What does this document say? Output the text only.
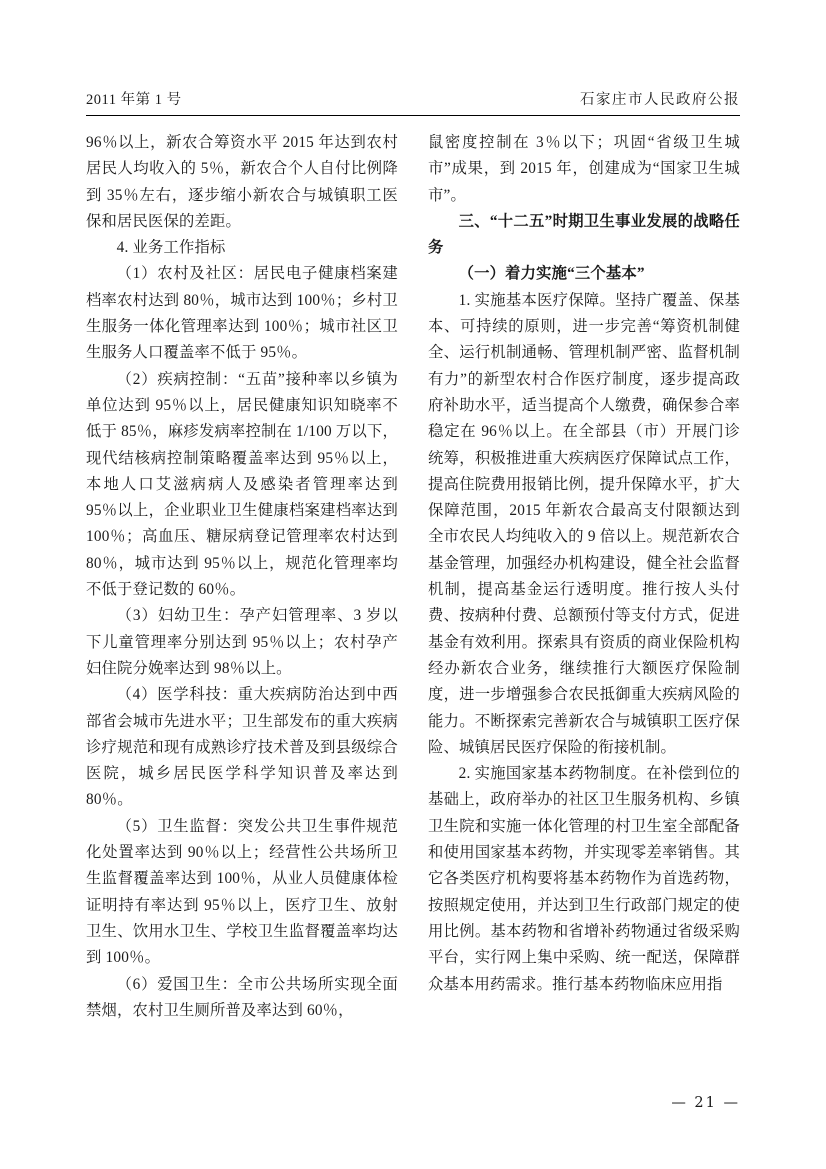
2011 年第 1 号	石家庄市人民政府公报

96％以上，新农合筹资水平 2015 年达到农村居民人均收入的 5％，新农合个人自付比例降到 35％左右，逐步缩小新农合与城镇职工医保和居民医保的差距。

4. 业务工作指标

（1）农村及社区：居民电子健康档案建档率农村达到 80％，城市达到 100％；乡村卫生服务一体化管理率达到 100％；城市社区卫生服务人口覆盖率不低于 95％。

（2）疾病控制：“五苗”接种率以乡镇为单位达到 95％以上，居民健康知识知晓率不低于 85％，麻疹发病率控制在 1/100 万以下，现代结核病控制策略覆盖率达到 95％以上，本地人口艾滋病病人及感染者管理率达到 95％以上，企业职业卫生健康档案建档率达到 100％；高血压、糖尿病登记管理率农村达到 80％，城市达到 95％以上，规范化管理率均不低于登记数的 60％。

（3）妇幼卫生：孕产妇管理率、3 岁以下儿童管理率分别达到 95％以上；农村孕产妇住院分娩率达到 98％以上。

（4）医学科技：重大疾病防治达到中西部省会城市先进水平；卫生部发布的重大疾病诊疗规范和现有成熟诊疗技术普及到县级综合医院，城乡居民医学科学知识普及率达到 80％。

（5）卫生监督：突发公共卫生事件规范化处置率达到 90％以上；经营性公共场所卫生监督覆盖率达到 100％，从业人员健康体检证明持有率达到 95％以上，医疗卫生、放射卫生、饮用水卫生、学校卫生监督覆盖率均达到 100％。

（6）爱国卫生：全市公共场所实现全面禁烟，农村卫生厕所普及率达到 60％，

鼠密度控制在 3％以下；巩固“省级卫生城市”成果，到 2015 年，创建成为“国家卫生城市”。

三、“十二五”时期卫生事业发展的战略任务

（一）着力实施“三个基本”

1. 实施基本医疗保障。坚持广覆盖、保基本、可持续的原则，进一步完善“筹资机制健全、运行机制通畅、管理机制严密、监督机制有力”的新型农村合作医疗制度，逐步提高政府补助水平，适当提高个人缴费，确保参合率稳定在 96％以上。在全部县（市）开展门诊统筹，积极推进重大疾病医疗保障试点工作，提高住院费用报销比例，提升保障水平，扩大保障范围，2015 年新农合最高支付限额达到全市农民人均纯收入的 9 倍以上。规范新农合基金管理，加强经办机构建设，健全社会监督机制，提高基金运行透明度。推行按人头付费、按病种付费、总额预付等支付方式，促进基金有效利用。探索具有资质的商业保险机构经办新农合业务，继续推行大额医疗保险制度，进一步增强参合农民抵御重大疾病风险的能力。不断探索完善新农合与城镇职工医疗保险、城镇居民医疗保险的衔接机制。

2. 实施国家基本药物制度。在补偿到位的基础上，政府举办的社区卫生服务机构、乡镇卫生院和实施一体化管理的村卫生室全部配备和使用国家基本药物，并实现零差率销售。其它各类医疗机构要将基本药物作为首选药物，按照规定使用，并达到卫生行政部门规定的使用比例。基本药物和省增补药物通过省级采购平台，实行网上集中采购、统一配送，保障群众基本用药需求。推行基本药物临床应用指

— 21 —
